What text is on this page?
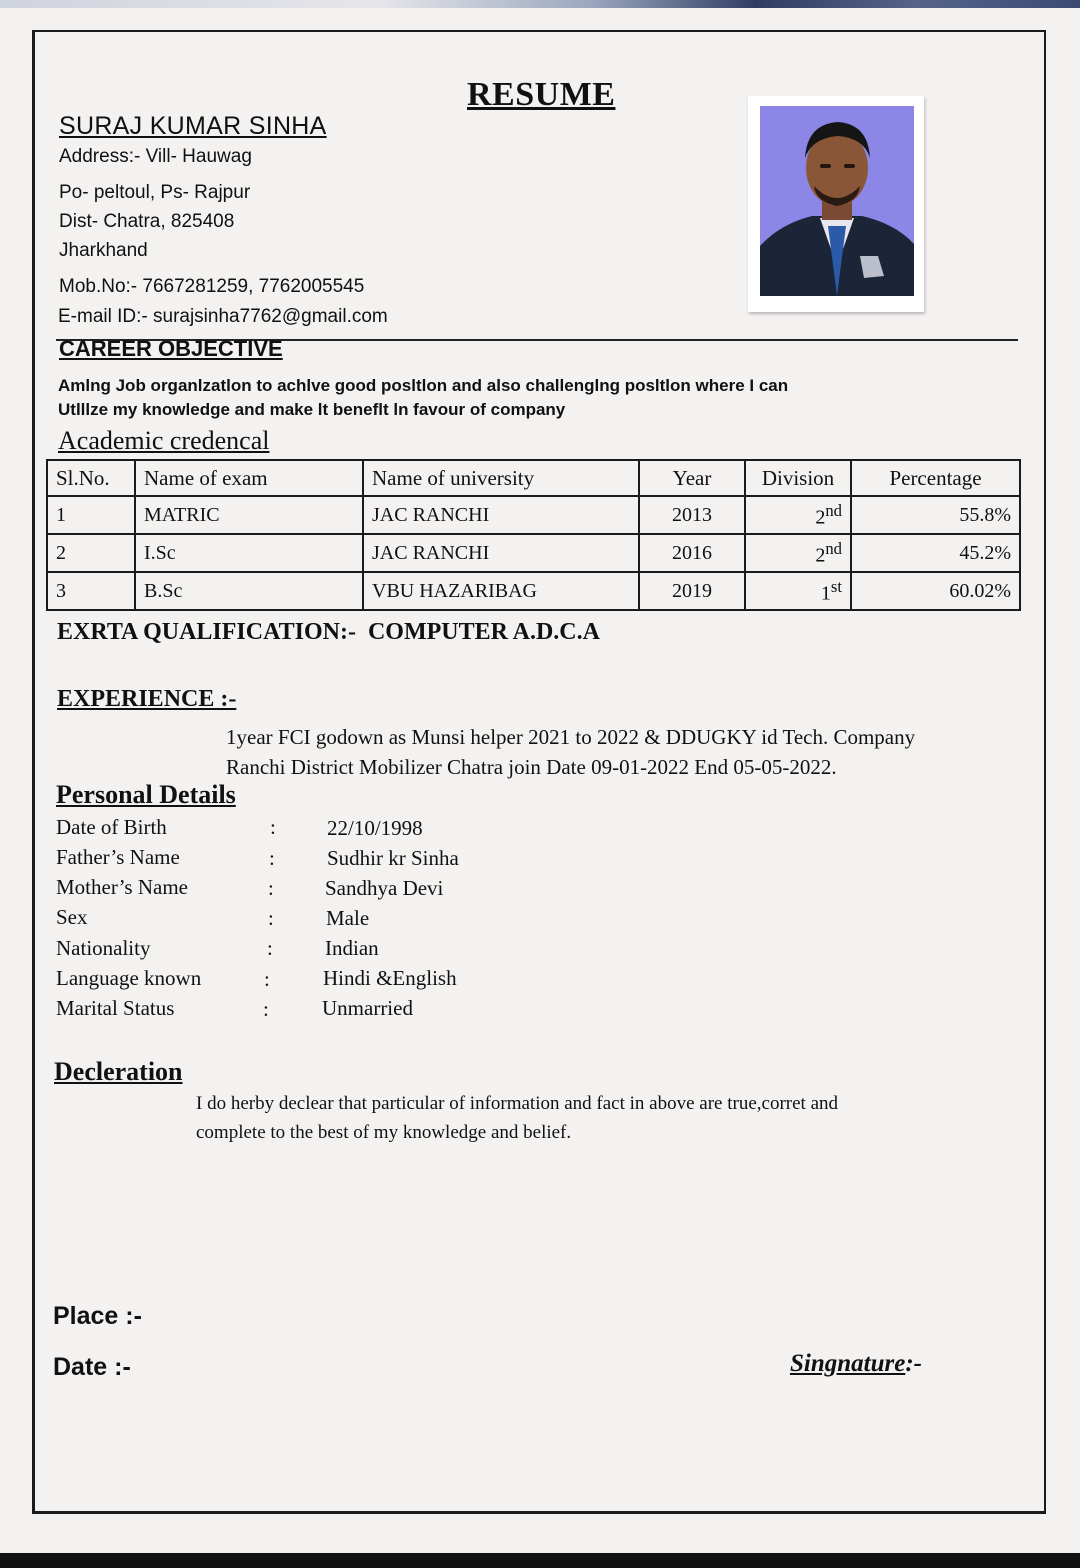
RESUME
SURAJ KUMAR SINHA
Address:- Vill- Hauwag
Po- peltoul, Ps- Rajpur
Dist- Chatra, 825408
Jharkhand
Mob.No:- 7667281259, 7762005545
E-mail ID:- surajsinha7762@gmail.com
CAREER OBJECTIVE
Amlng Job organlzatlon to achlve good posltlon and also challenglng posltlon where I can
Utlllze my knowledge and make lt beneflt ln favour of company
Academic credencal
Sl.No.	Name of exam	Name of university	Year	Division	Percentage
1	MATRIC	JAC RANCHI	2013	2nd	55.8%
2	I.Sc	JAC RANCHI	2016	2nd	45.2%
3	B.Sc	VBU HAZARIBAG	2019	1st	60.02%
EXRTA QUALIFICATION:- COMPUTER A.D.C.A
EXPERIENCE :-
1year FCI godown as Munsi helper 2021 to 2022 & DDUGKY id Tech. Company
Ranchi District Mobilizer Chatra join Date 09-01-2022 End 05-05-2022.
Personal Details
Date of Birth	: 22/10/1998
Father’s Name	: Sudhir kr Sinha
Mother’s Name	: Sandhya Devi
Sex	: Male
Nationality	: Indian
Language known	:	Hindi &English
Marital Status	:	Unmarried
Decleration
I do herby declear that particular of information and fact in above are true,corret and
complete to the best of my knowledge and belief.
Place :-
Date :-	Singnature:-
